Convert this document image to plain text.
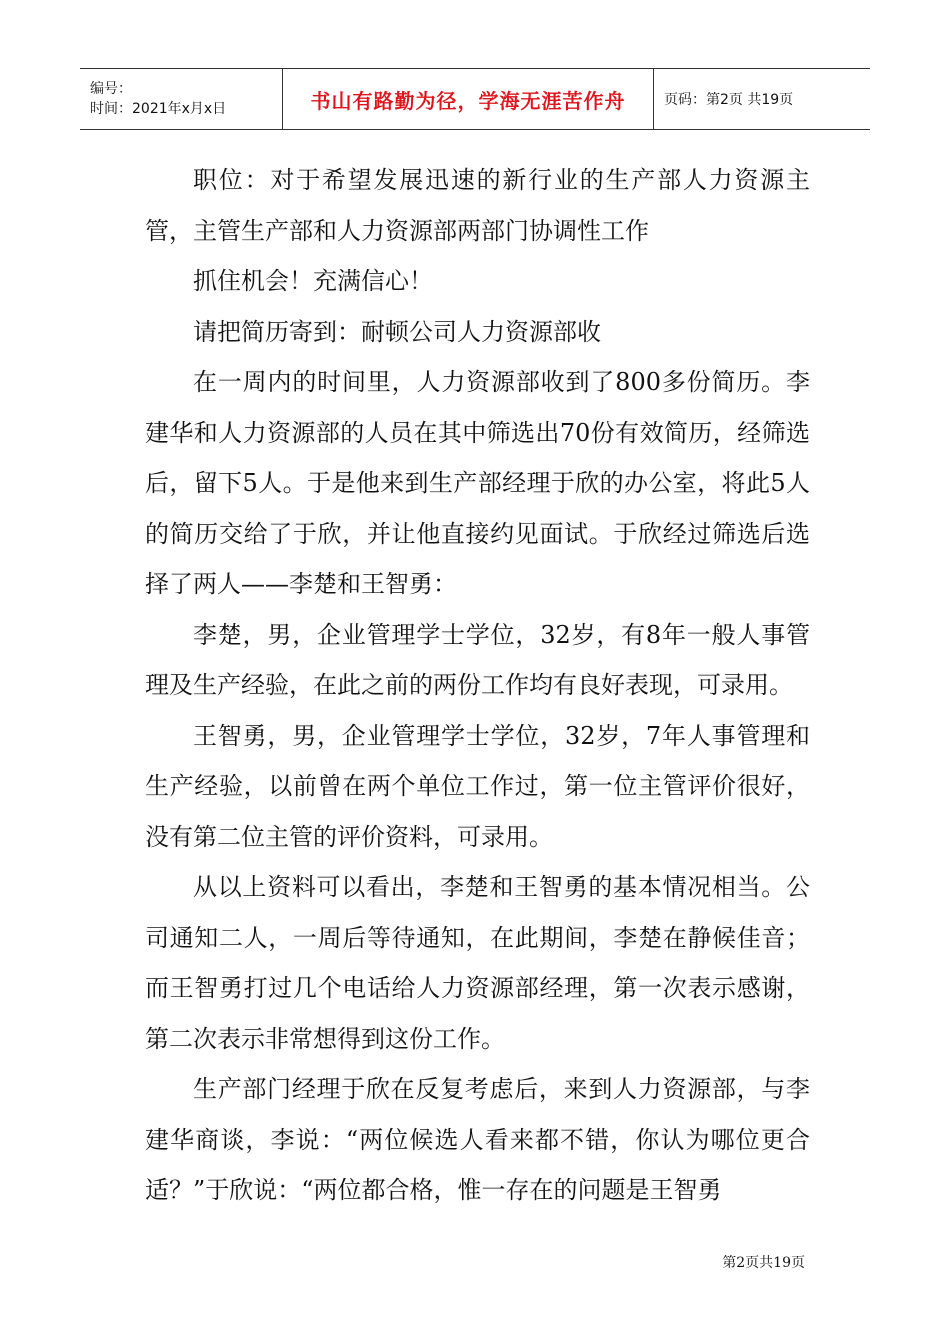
编号：
时间：2021年x月x日	书山有路勤为径，学海无涯苦作舟	页码：第2页 共19页

职位：对于希望发展迅速的新行业的生产部人力资源主管，主管生产部和人力资源部两部门协调性工作

抓住机会！充满信心！

请把简历寄到：耐顿公司人力资源部收

在一周内的时间里，人力资源部收到了800多份简历。李建华和人力资源部的人员在其中筛选出70份有效简历，经筛选后，留下5人。于是他来到生产部经理于欣的办公室，将此5人的简历交给了于欣，并让他直接约见面试。于欣经过筛选后选择了两人——李楚和王智勇：

李楚，男，企业管理学士学位，32岁，有8年一般人事管理及生产经验，在此之前的两份工作均有良好表现，可录用。

王智勇，男，企业管理学士学位，32岁，7年人事管理和生产经验，以前曾在两个单位工作过，第一位主管评价很好，没有第二位主管的评价资料，可录用。

从以上资料可以看出，李楚和王智勇的基本情况相当。公司通知二人，一周后等待通知，在此期间，李楚在静候佳音；而王智勇打过几个电话给人力资源部经理，第一次表示感谢，第二次表示非常想得到这份工作。

生产部门经理于欣在反复考虑后，来到人力资源部，与李建华商谈，李说：“两位候选人看来都不错，你认为哪位更合适？”于欣说：“两位都合格，惟一存在的问题是王智勇

第2页共19页
